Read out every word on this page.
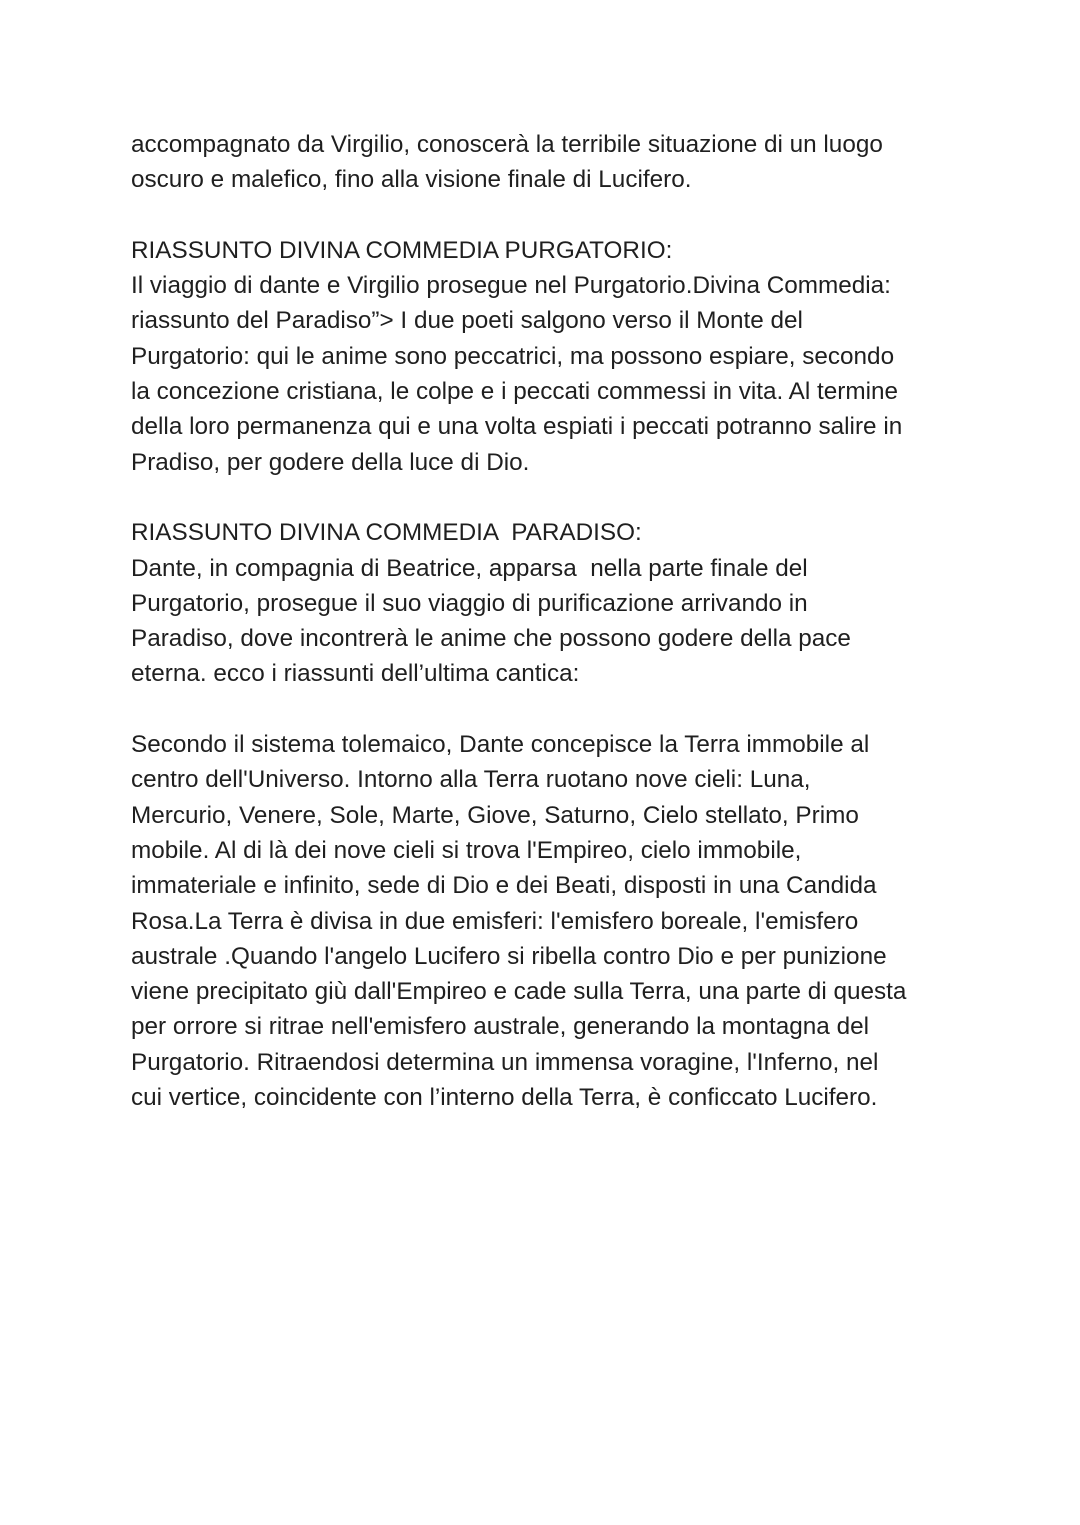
accompagnato da Virgilio, conoscerà la terribile situazione di un luogo
oscuro e malefico, fino alla visione finale di Lucifero.
RIASSUNTO DIVINA COMMEDIA PURGATORIO:
Il viaggio di dante e Virgilio prosegue nel Purgatorio.Divina Commedia:
riassunto del Paradiso”> I due poeti salgono verso il Monte del
Purgatorio: qui le anime sono peccatrici, ma possono espiare, secondo
la concezione cristiana, le colpe e i peccati commessi in vita. Al termine
della loro permanenza qui e una volta espiati i peccati potranno salire in
Pradiso, per godere della luce di Dio.
RIASSUNTO DIVINA COMMEDIA  PARADISO:
Dante, in compagnia di Beatrice, apparsa  nella parte finale del
Purgatorio, prosegue il suo viaggio di purificazione arrivando in
Paradiso, dove incontrerà le anime che possono godere della pace
eterna. ecco i riassunti dell’ultima cantica:
Secondo il sistema tolemaico, Dante concepisce la Terra immobile al
centro dell'Universo. Intorno alla Terra ruotano nove cieli: Luna,
Mercurio, Venere, Sole, Marte, Giove, Saturno, Cielo stellato, Primo
mobile. Al di là dei nove cieli si trova l'Empireo, cielo immobile,
immateriale e infinito, sede di Dio e dei Beati, disposti in una Candida
Rosa.La Terra è divisa in due emisferi: l'emisfero boreale, l'emisfero
australe .Quando l'angelo Lucifero si ribella contro Dio e per punizione
viene precipitato giù dall'Empireo e cade sulla Terra, una parte di questa
per orrore si ritrae nell'emisfero australe, generando la montagna del
Purgatorio. Ritraendosi determina un immensa voragine, l'Inferno, nel
cui vertice, coincidente con l’interno della Terra, è conficcato Lucifero.
